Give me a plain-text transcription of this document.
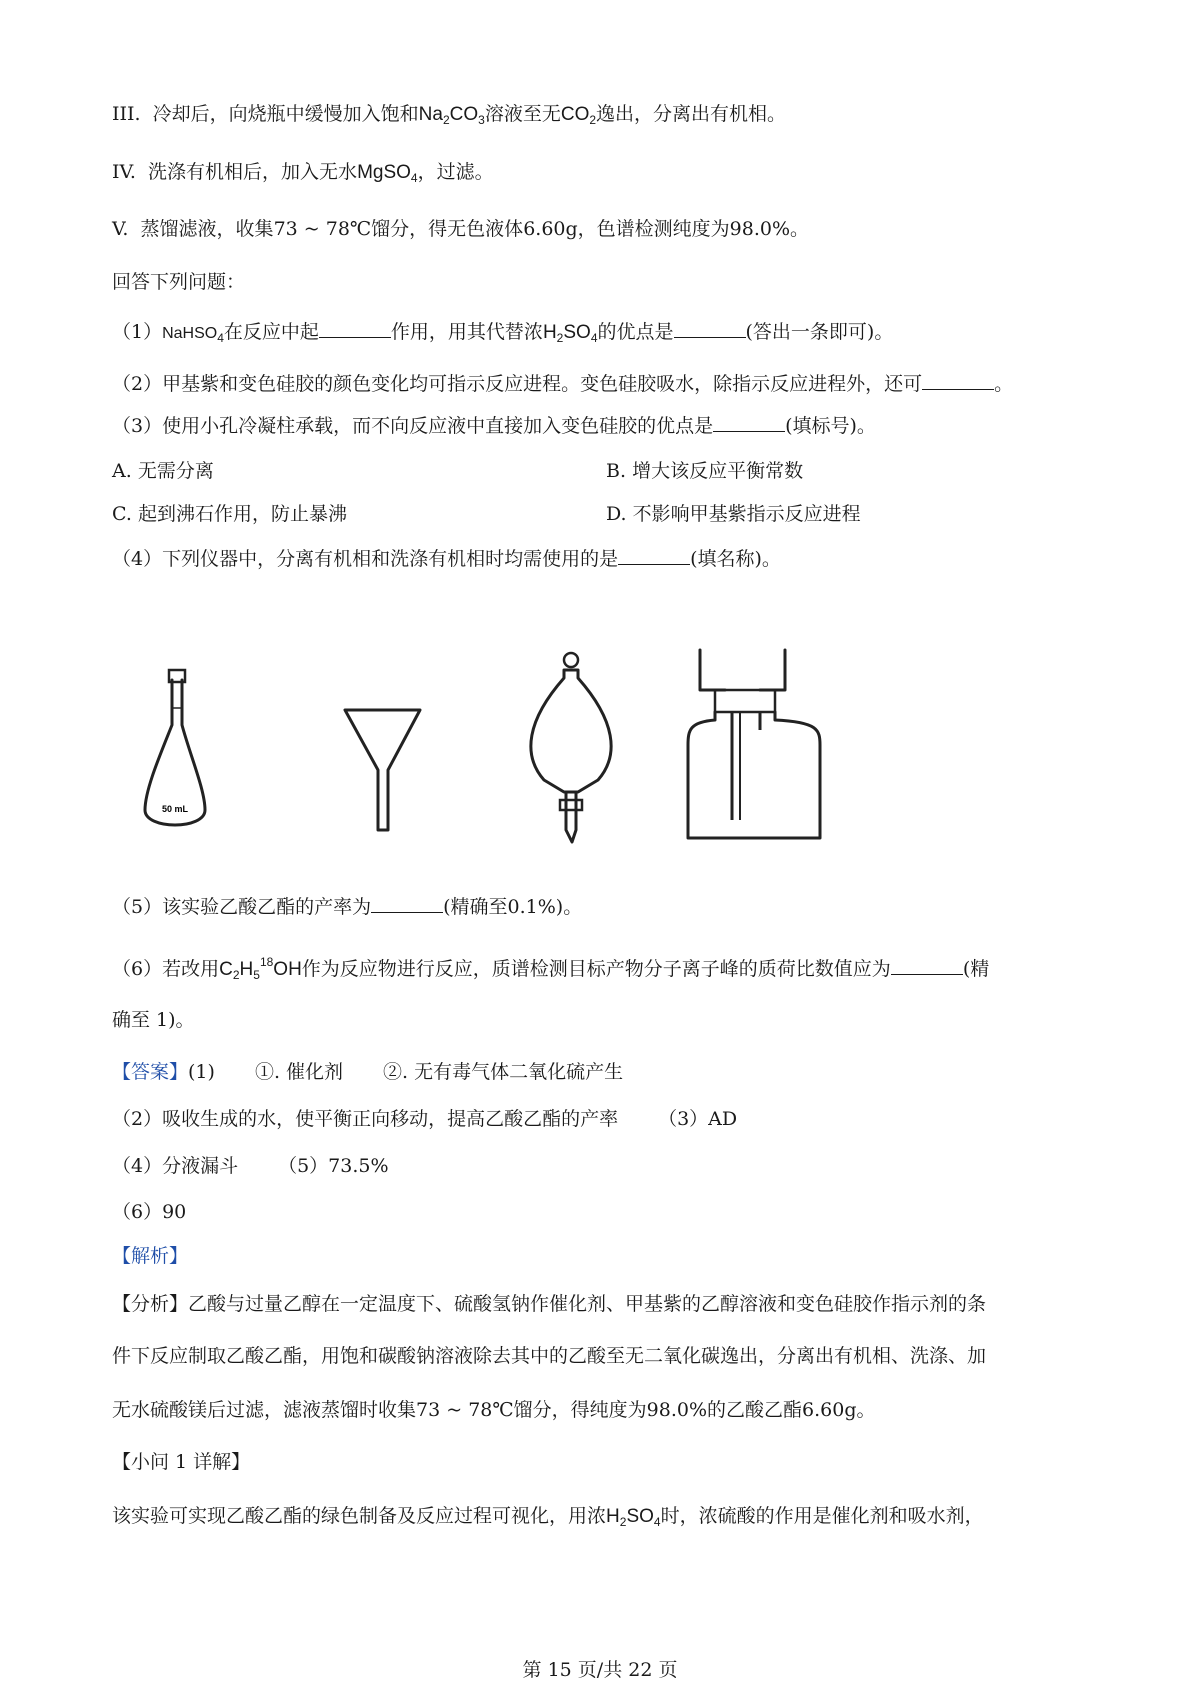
III. 冷却后，向烧瓶中缓慢加入饱和$Na_2CO_3$溶液至无$CO_2$逸出，分离出有机相。
IV. 洗涤有机相后，加入无水MgSO$_4$，过滤。
V. 蒸馏滤液，收集73 ~ 78℃馏分，得无色液体6.60g，色谱检测纯度为98.0%。
回答下列问题：
（1）NaHSO$_4$在反应中起	作用，用其代替浓$H_2SO_4$的优点是	(答出一条即可)。
（2）甲基紫和变色硅胶的颜色变化均可指示反应进程。变色硅胶吸水，除指示反应进程外，还可	。
（3）使用小孔冷凝柱承载，而不向反应液中直接加入变色硅胶的优点是	(填标号)。
A. 无需分离	B. 增大该反应平衡常数
C. 起到沸石作用，防止暴沸	D. 不影响甲基紫指示反应进程
（4）下列仪器中，分离有机相和洗涤有机相时均需使用的是	(填名称)。
50 mL
（5）该实验乙酸乙酯的产率为	(精确至0.1%)。
（6）若改用$C_2H_5^{18}OH$作为反应物进行反应，质谱检测目标产物分子离子峰的质荷比数值应为	(精
确至 1)。
【答案】(1) ①. 催化剂 ②. 无有毒气体二氧化硫产生
（2）吸收生成的水，使平衡正向移动，提高乙酸乙酯的产率 （3）AD
（4）分液漏斗 （5）73.5%
（6）90
【解析】
【分析】乙酸与过量乙醇在一定温度下、硫酸氢钠作催化剂、甲基紫的乙醇溶液和变色硅胶作指示剂的条
件下反应制取乙酸乙酯，用饱和碳酸钠溶液除去其中的乙酸至无二氧化碳逸出，分离出有机相、洗涤、加
无水硫酸镁后过滤，滤液蒸馏时收集73 ~ 78℃馏分，得纯度为98.0%的乙酸乙酯6.60g。
【小问 1 详解】
该实验可实现乙酸乙酯的绿色制备及反应过程可视化，用浓$H_2SO_4$时，浓硫酸的作用是催化剂和吸水剂，
第 15 页/共 22 页
